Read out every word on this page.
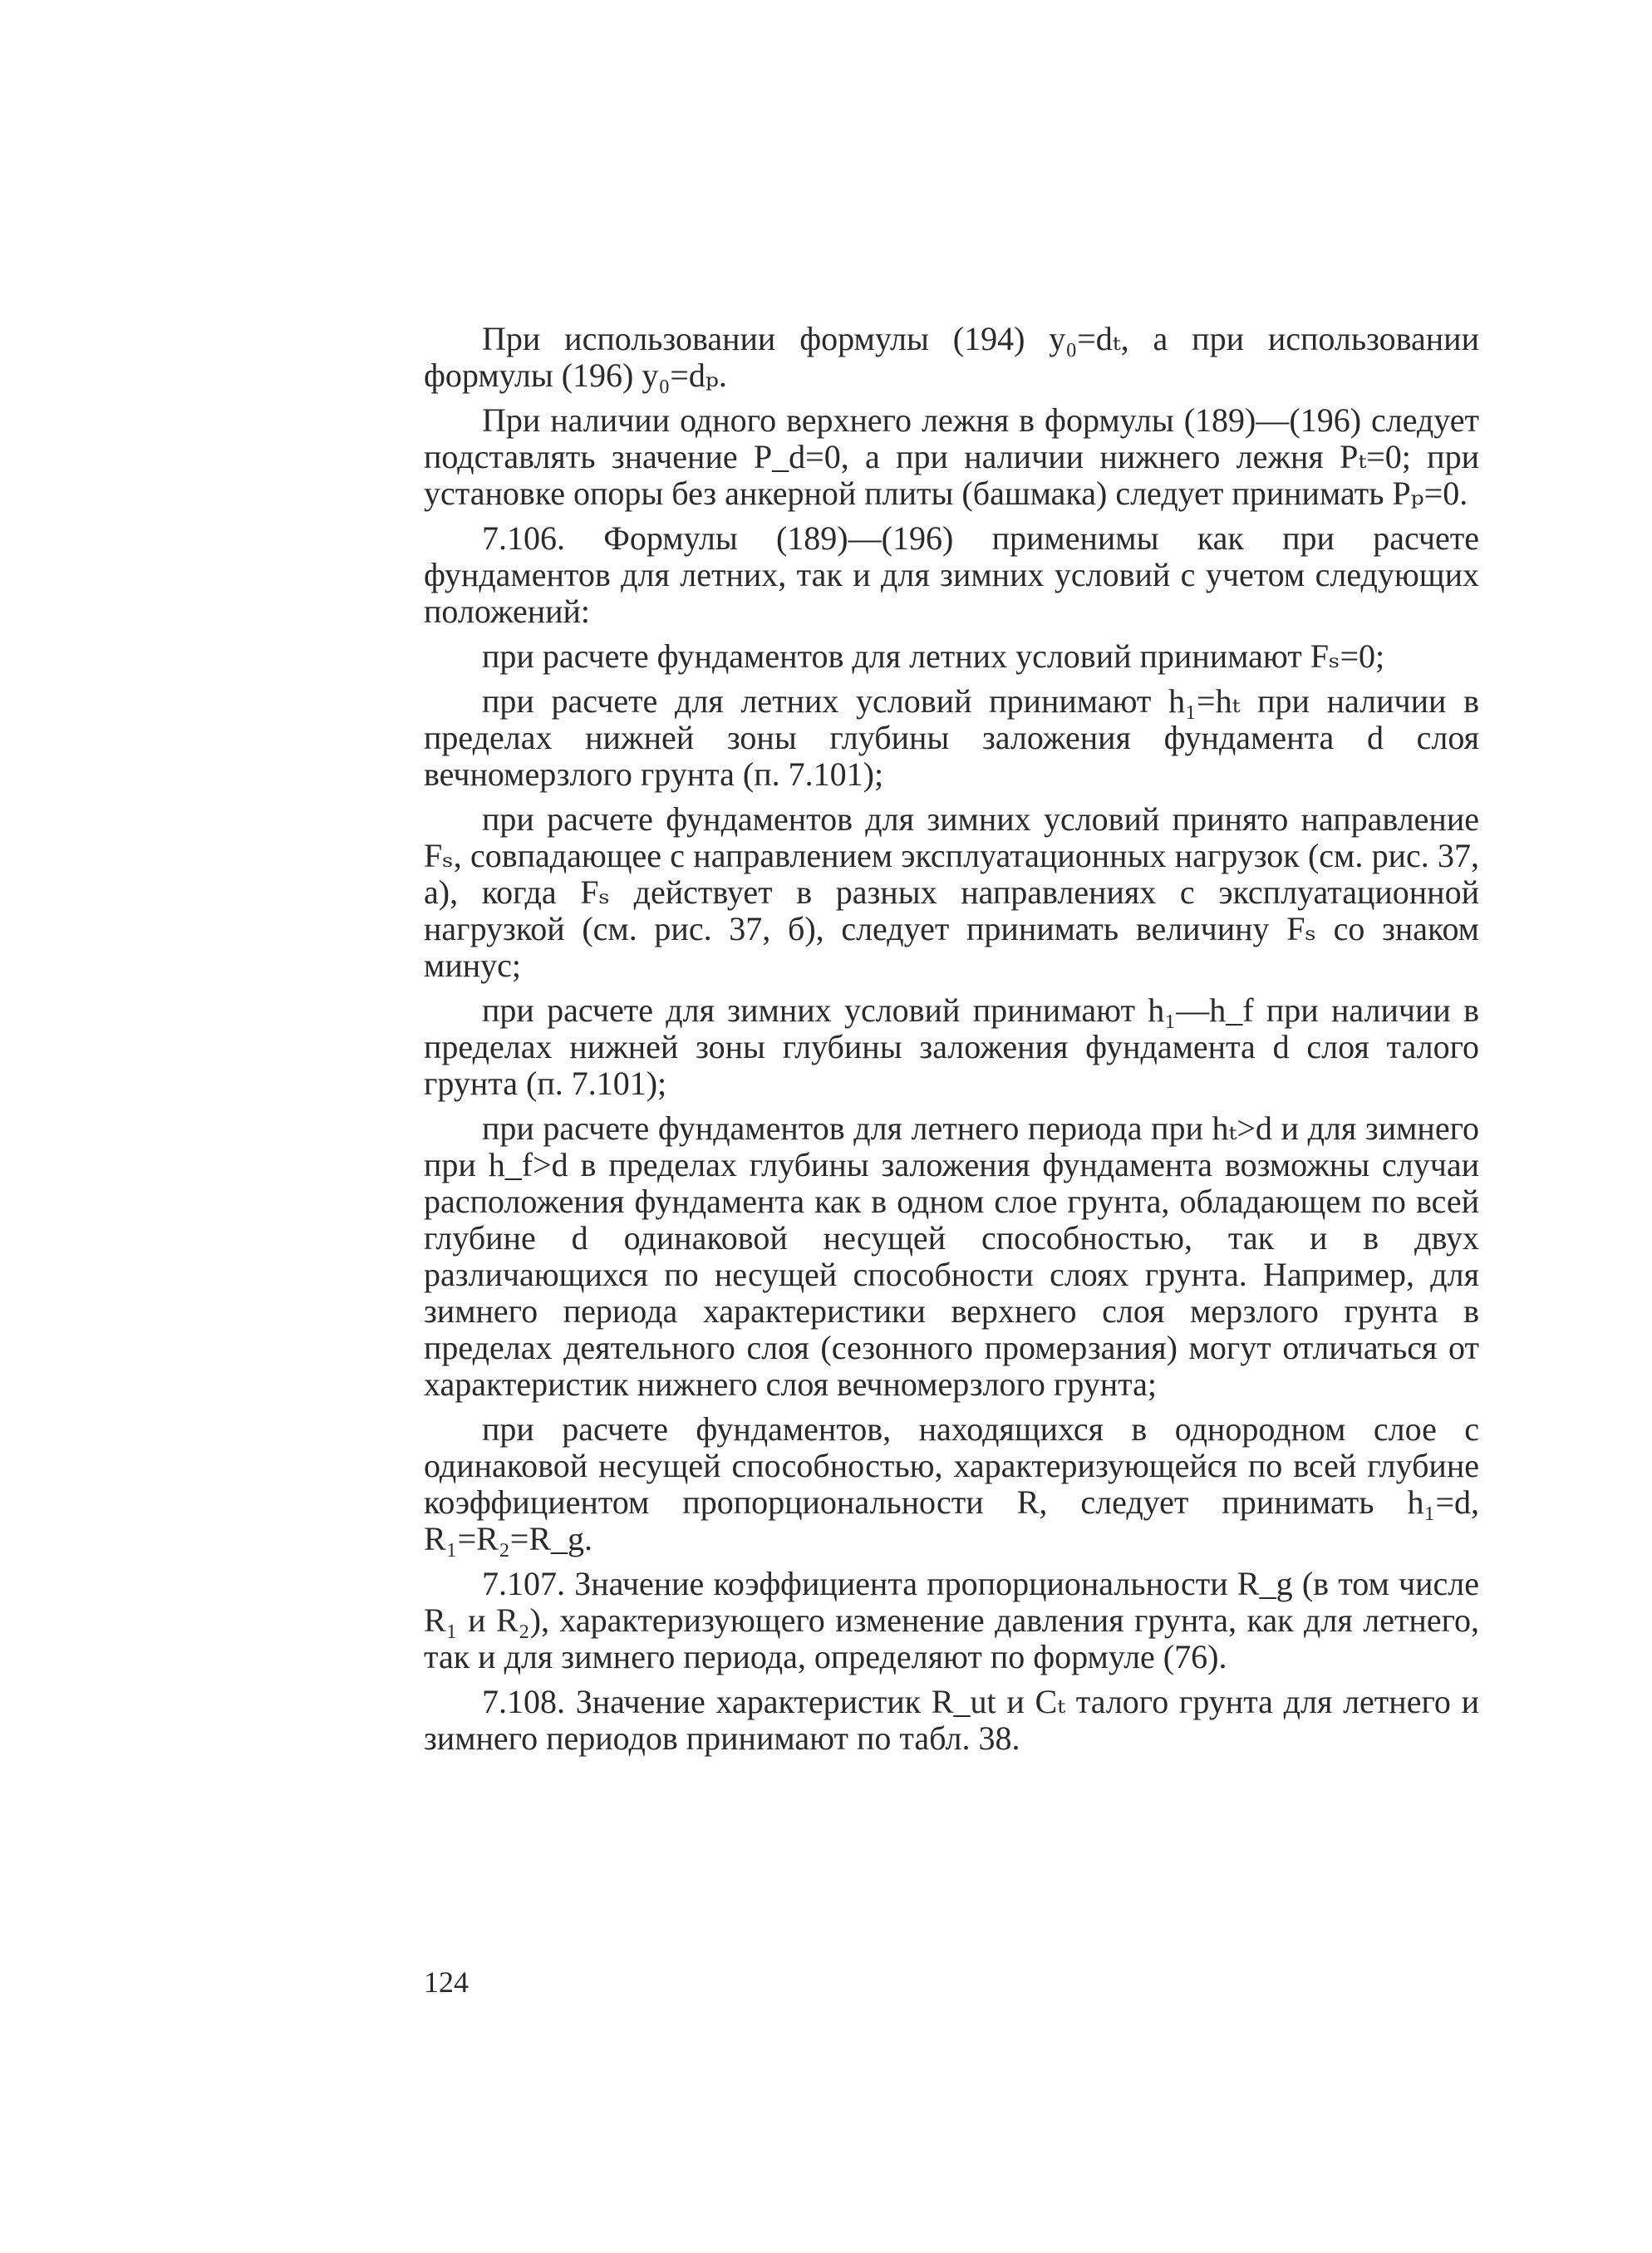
При использовании формулы (194) y₀=dₜ, а при использовании формулы (196) y₀=dₚ.

При наличии одного верхнего лежня в формулы (189)—(196) следует подставлять значение P_d=0, а при наличии нижнего лежня Pₜ=0; при установке опоры без анкерной плиты (башмака) следует принимать Pₚ=0.

7.106. Формулы (189)—(196) применимы как при расчете фундаментов для летних, так и для зимних условий с учетом следующих положений:

при расчете фундаментов для летних условий принимают Fₛ=0;

при расчете для летних условий принимают h₁=hₜ при наличии в пределах нижней зоны глубины заложения фундамента d слоя вечномерзлого грунта (п. 7.101);

при расчете фундаментов для зимних условий принято направление Fₛ, совпадающее с направлением эксплуатационных нагрузок (см. рис. 37, а), когда Fₛ действует в разных направлениях с эксплуатационной нагрузкой (см. рис. 37, б), следует принимать величину Fₛ со знаком минус;

при расчете для зимних условий принимают h₁—h_f при наличии в пределах нижней зоны глубины заложения фундамента d слоя талого грунта (п. 7.101);

при расчете фундаментов для летнего периода при hₜ>d и для зимнего при h_f>d в пределах глубины заложения фундамента возможны случаи расположения фундамента как в одном слое грунта, обладающем по всей глубине d одинаковой несущей способностью, так и в двух различающихся по несущей способности слоях грунта. Например, для зимнего периода характеристики верхнего слоя мерзлого грунта в пределах деятельного слоя (сезонного промерзания) могут отличаться от характеристик нижнего слоя вечномерзлого грунта;

при расчете фундаментов, находящихся в однородном слое с одинаковой несущей способностью, характеризующейся по всей глубине коэффициентом пропорциональности R, следует принимать h₁=d, R₁=R₂=R_g.

7.107. Значение коэффициента пропорциональности R_g (в том числе R₁ и R₂), характеризующего изменение давления грунта, как для летнего, так и для зимнего периода, определяют по формуле (76).

7.108. Значение характеристик R_ut и Cₜ талого грунта для летнего и зимнего периодов принимают по табл. 38.

124
